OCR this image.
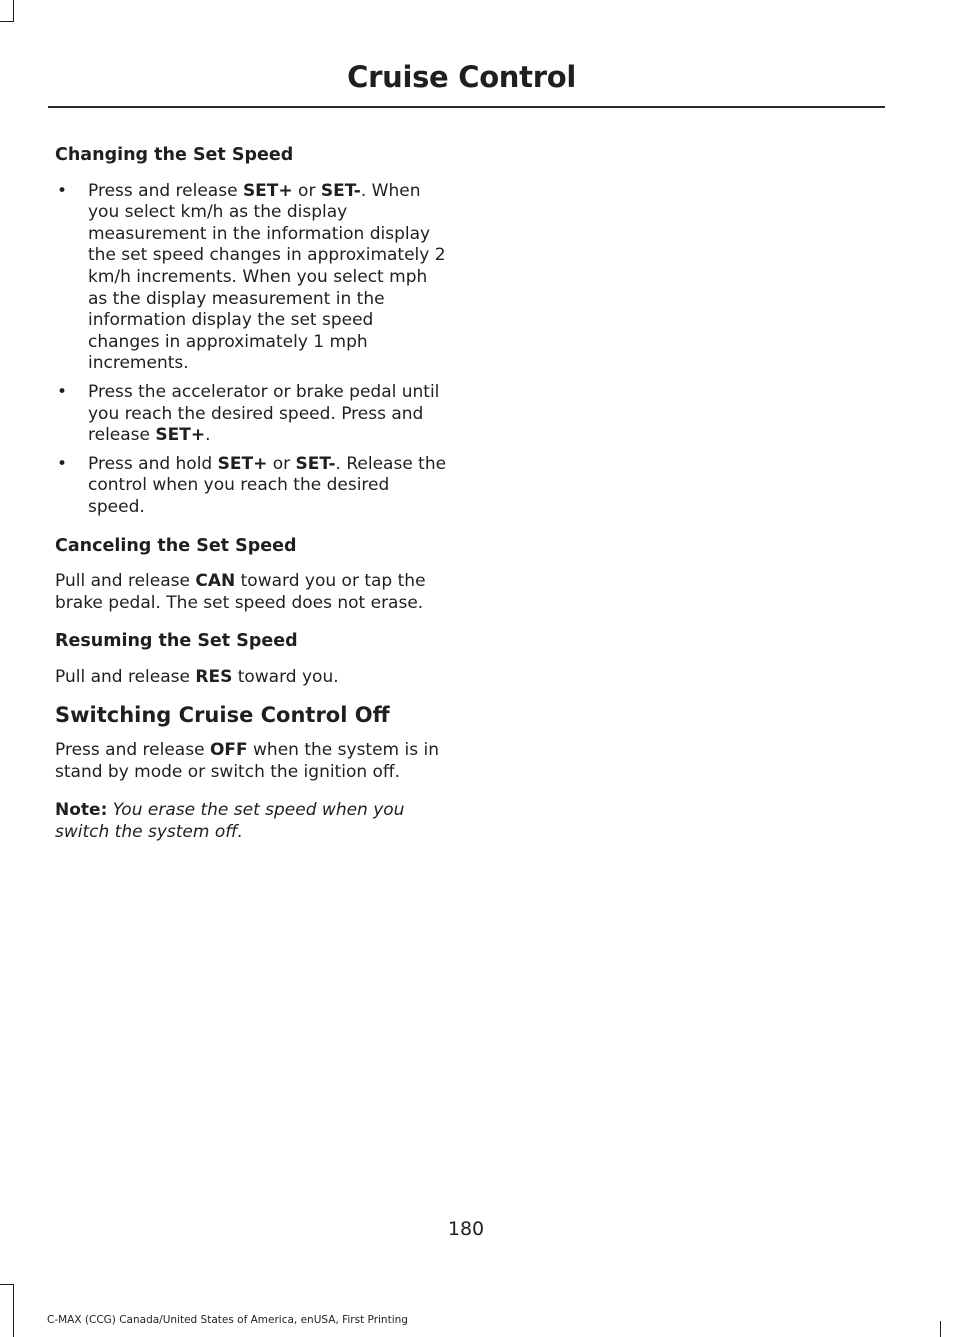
Cruise Control
Changing the Set Speed
• Press and release SET+ or SET-. When you select km/h as the display measurement in the information display the set speed changes in approximately 2 km/h increments. When you select mph as the display measurement in the information display the set speed changes in approximately 1 mph increments.
• Press the accelerator or brake pedal until you reach the desired speed. Press and release SET+.
• Press and hold SET+ or SET-. Release the control when you reach the desired speed.
Canceling the Set Speed

Pull and release CAN toward you or tap the brake pedal. The set speed does not erase.

Resuming the Set Speed

Pull and release RES toward you.

Switching Cruise Control Off

Press and release OFF when the system is in stand by mode or switch the ignition off.

Note: You erase the set speed when you switch the system off.

180
C-MAX (CCG) Canada/United States of America, enUSA, First Printing
